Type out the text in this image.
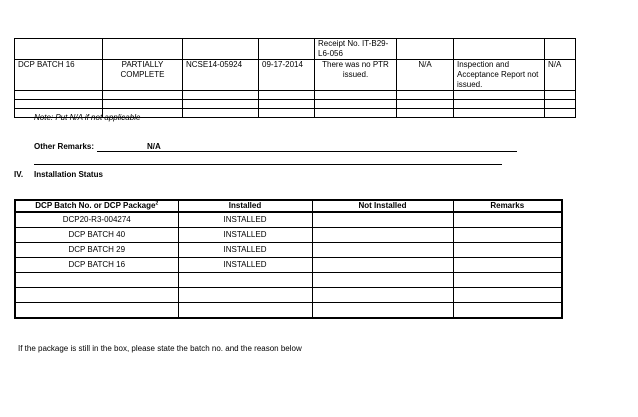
				Receipt No. IT-B29-L6-056			
DCP BATCH 16	PARTIALLY COMPLETE	NCSE14-05924	09-17-2014	There was no PTR issued.	N/A	Inspection and Acceptance Report not issued.	N/A

Note: Put N/A if not applicable
Other Remarks:	N/A
IV. Installation Status
DCP Batch No. or DCP Package$^2$	Installed	Not Installed	Remarks
DCP20-R3-004274	INSTALLED		
DCP BATCH 40	INSTALLED		
DCP BATCH 29	INSTALLED		
DCP BATCH 16	INSTALLED		

If the package is still in the box, please state the batch no. and the reason below
